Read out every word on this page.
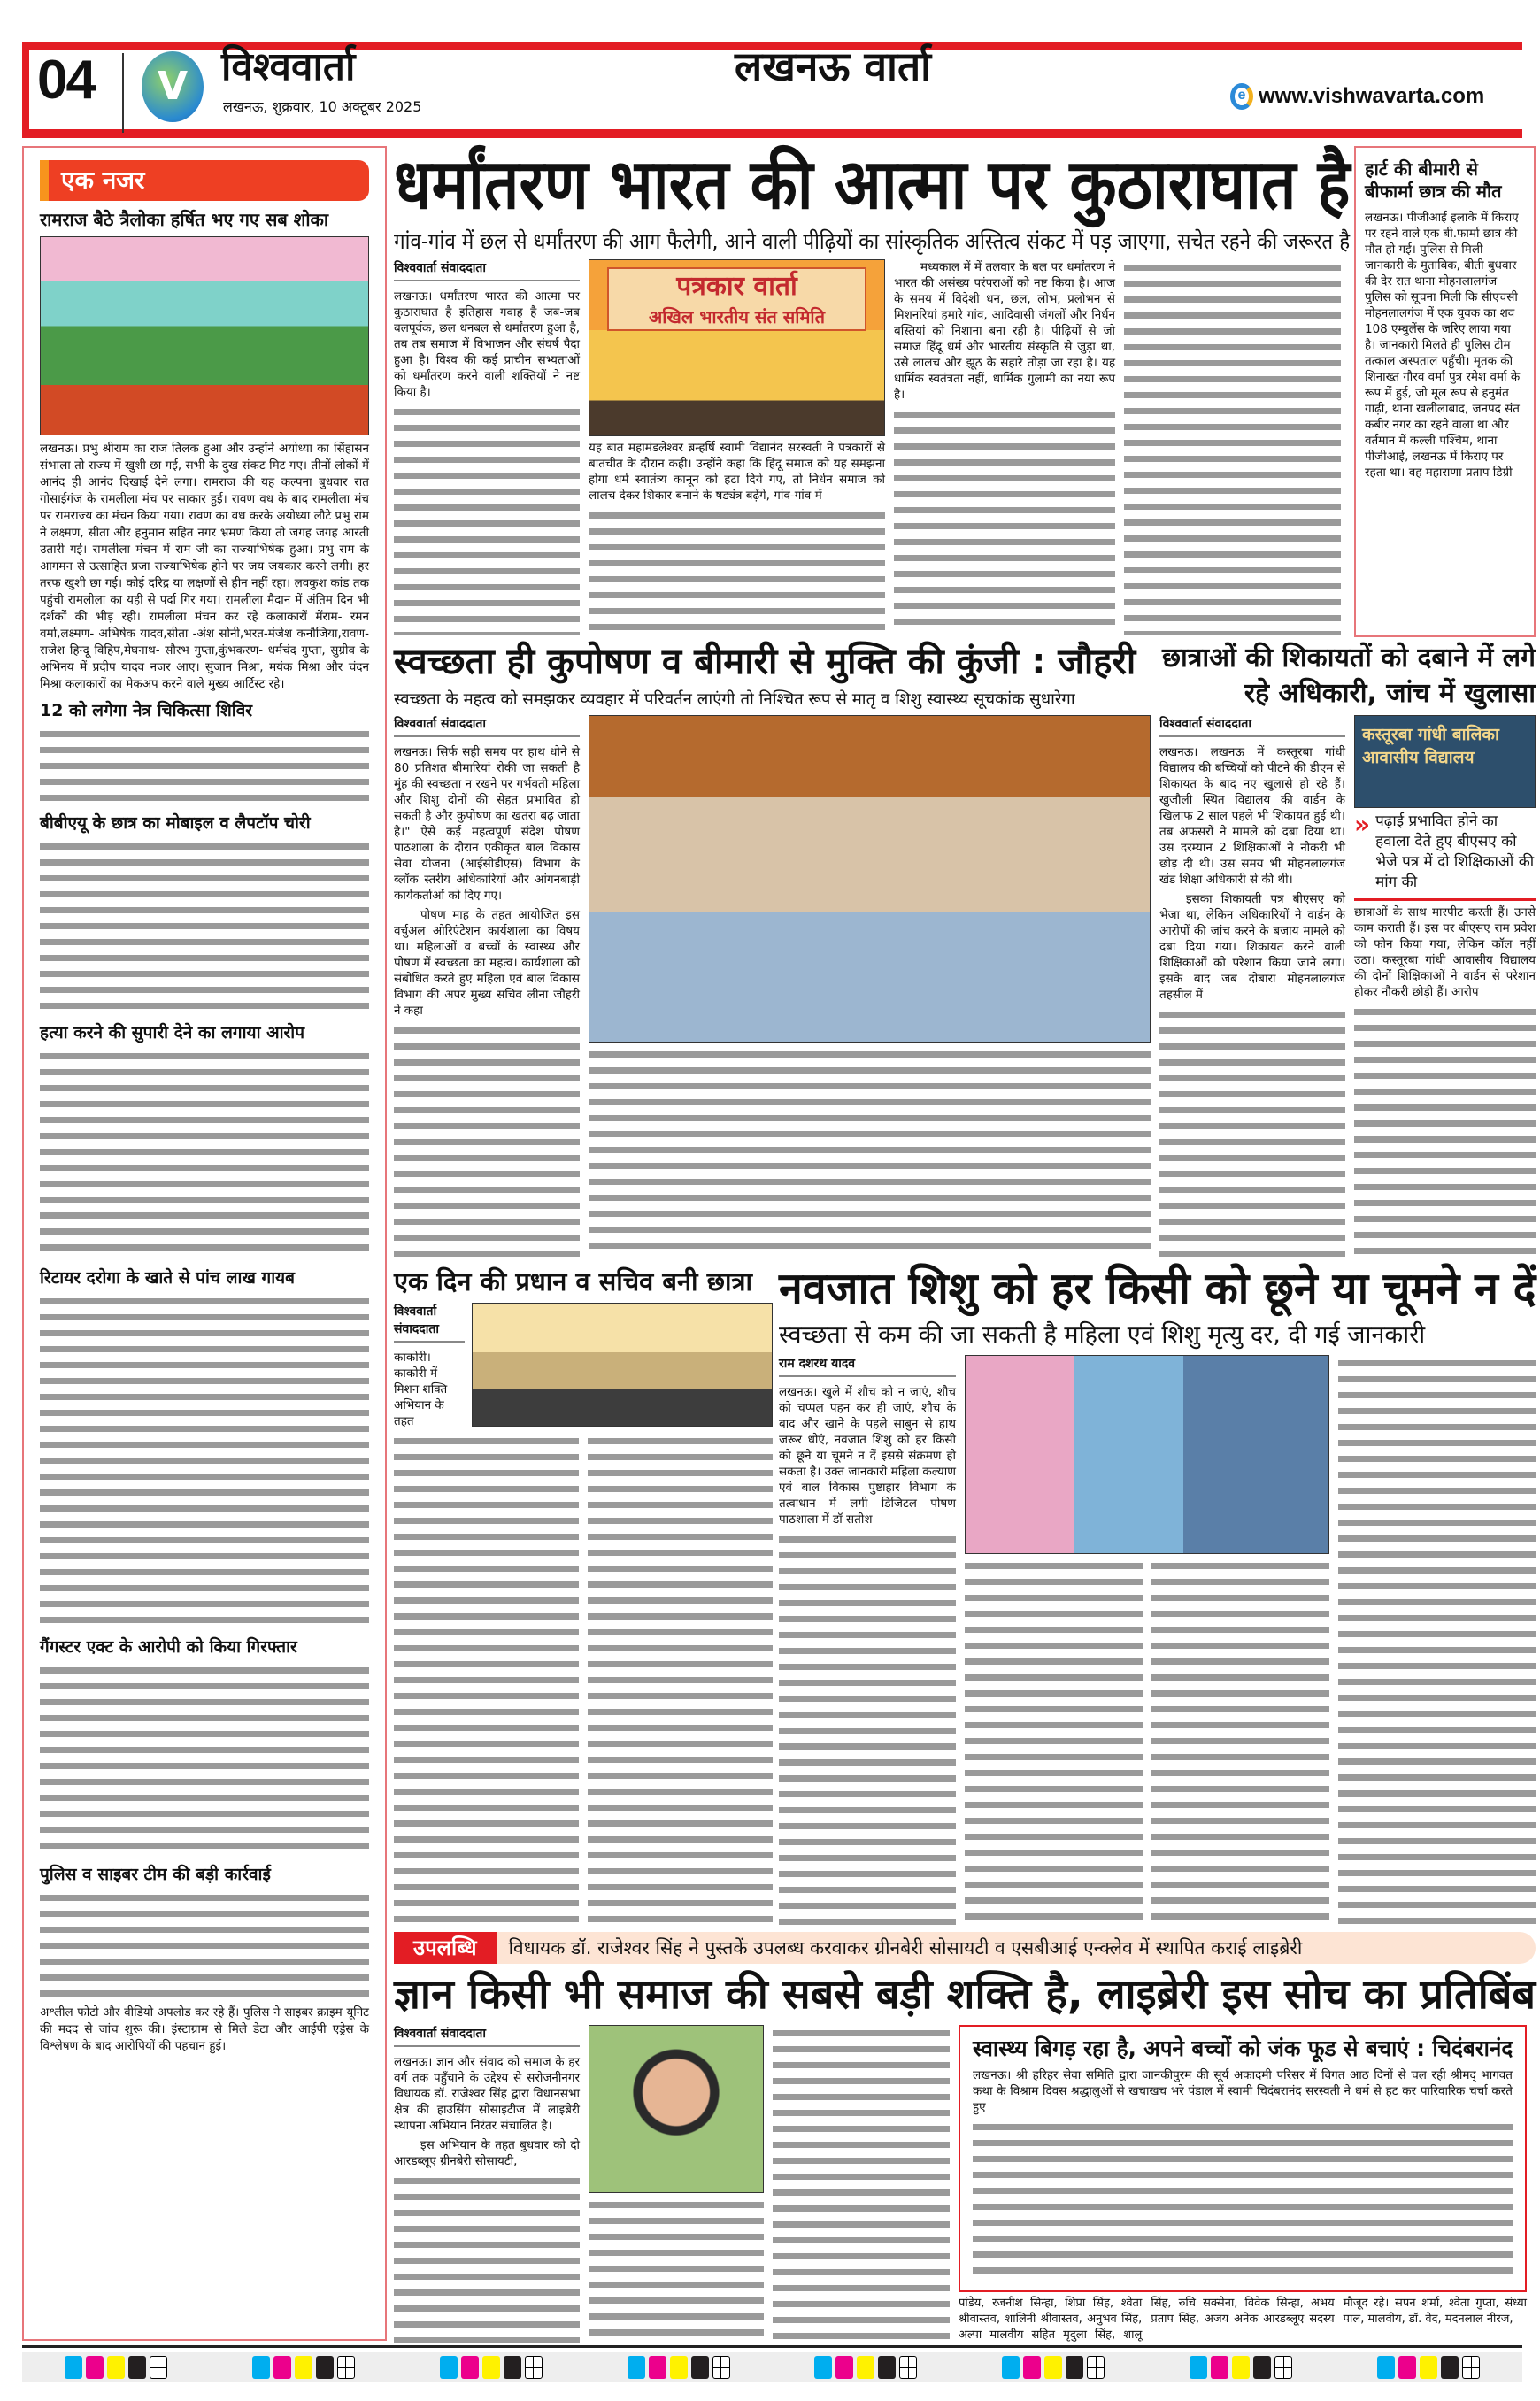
04	V विश्ववार्ता
लखनऊ, शुक्रवार, 10 अक्टूबर 2025
लखनऊ वार्ता
e www.vishwavarta.com
एक नजर
रामराज बैठे त्रैलोका हर्षित भए गए सब शोका
लखनऊ। प्रभु श्रीराम का राज तिलक हुआ और उन्होंने अयोध्या का सिंहासन संभाला तो राज्य में खुशी छा गई, सभी के दुख संकट मिट गए। तीनों लोकों में आनंद ही आनंद दिखाई देने लगा। रामराज की यह कल्पना बुधवार रात गोसाईगंज के रामलीला मंच पर साकार हुई। रावण वध के बाद रामलीला मंच पर रामराज्य का मंचन किया गया। रावण का वध करके अयोध्या लौटे प्रभु राम ने लक्ष्मण, सीता और हनुमान सहित नगर भ्रमण किया तो जगह जगह आरती उतारी गई। रामलीला मंचन में राम जी का राज्याभिषेक हुआ। प्रभु राम के आगमन से उत्साहित प्रजा राज्याभिषेक होने पर जय जयकार करने लगी। हर तरफ खुशी छा गई। कोई दरिद्र या लक्षणों से हीन नहीं रहा। लवकुश कांड तक पहुंची रामलीला का यही से पर्दा गिर गया। रामलीला मैदान में अंतिम दिन भी दर्शकों की भीड़ रही। रामलीला मंचन कर रहे कलाकारों मेंराम- रमन वर्मा,लक्ष्मण- अभिषेक यादव,सीता -अंश सोनी,भरत-मंजेश कनौजिया,रावण- राजेश हिन्दू विहिप,मेघनाथ- सौरभ गुप्ता,कुंभकरण- धर्मचंद गुप्ता, सुग्रीव के अभिनय में प्रदीप यादव नजर आए। सुजान मिश्रा, मयंक मिश्रा और चंदन मिश्रा कलाकारों का मेकअप करने वाले मुख्य आर्टिस्ट रहे।
12 को लगेगा नेत्र चिकित्सा शिविर
बीबीएयू के छात्र का मोबाइल व लैपटॉप चोरी
हत्या करने की सुपारी देने का लगाया आरोप
रिटायर दरोगा के खाते से पांच लाख गायब
गैंगस्टर एक्ट के आरोपी को किया गिरफ्तार
पुलिस व साइबर टीम की बड़ी कार्रवाई
अश्लील फोटो और वीडियो अपलोड कर रहे हैं। पुलिस ने साइबर क्राइम यूनिट की मदद से जांच शुरू की। इंस्टाग्राम से मिले डेटा और आईपी एड्रेस के विश्लेषण के बाद आरोपियों की पहचान हुई।
धर्मांतरण भारत की आत्मा पर कुठाराघात है
गांव-गांव में छल से धर्मांतरण की आग फैलेगी, आने वाली पीढ़ियों का सांस्कृतिक अस्तित्व संकट में पड़ जाएगा, सचेत रहने की जरूरत है
विश्ववार्ता संवाददाता
लखनऊ। धर्मांतरण भारत की आत्मा पर कुठाराघात है इतिहास गवाह है जब-जब बलपूर्वक, छल धनबल से धर्मांतरण हुआ है, तब तब समाज में विभाजन और संघर्ष पैदा हुआ है। विश्व की कई प्राचीन सभ्यताओं को धर्मांतरण करने वाली शक्तियों ने नष्ट किया है।
पत्रकार वार्ता
अखिल भारतीय संत समिति
यह बात महामंडलेश्वर ब्रम्हर्षि स्वामी विद्यानंद सरस्वती ने पत्रकारों से बातचीत के दौरान कही। उन्होंने कहा कि हिंदू समाज को यह समझना होगा धर्म स्वातंत्र्य कानून को हटा दिये गए, तो निर्धन समाज को लालच देकर शिकार बनाने के षड्यंत्र बढ़ेंगे, गांव-गांव में
मध्यकाल में में तलवार के बल पर धर्मांतरण ने भारत की असंख्य परंपराओं को नष्ट किया है। आज के समय में विदेशी धन, छल, लोभ, प्रलोभन से मिशनरियां हमारे गांव, आदिवासी जंगलों और निर्धन बस्तियां को निशाना बना रही है। पीढ़ियों से जो समाज हिंदू धर्म और भारतीय संस्कृति से जुड़ा था, उसे लालच और झूठ के सहारे तोड़ा जा रहा है। यह धार्मिक स्वतंत्रता नहीं, धार्मिक गुलामी का नया रूप है।
हार्ट की बीमारी से बीफार्मा छात्र की मौत
लखनऊ। पीजीआई इलाके में किराए पर रहने वाले एक बी.फार्मा छात्र की मौत हो गई। पुलिस से मिली जानकारी के मुताबिक, बीती बुधवार की देर रात थाना मोहनलालगंज पुलिस को सूचना मिली कि सीएचसी मोहनलालगंज में एक युवक का शव 108 एम्बुलेंस के जरिए लाया गया है। जानकारी मिलते ही पुलिस टीम तत्काल अस्पताल पहुँची। मृतक की शिनाख्त गौरव वर्मा पुत्र रमेश वर्मा के रूप में हुई, जो मूल रूप से हनुमंत गाढ़ी, थाना खलीलाबाद, जनपद संत कबीर नगर का रहने वाला था और वर्तमान में कल्ली पश्चिम, थाना पीजीआई, लखनऊ में किराए पर रहता था। वह महाराणा प्रताप डिग्री
स्वच्छता ही कुपोषण व बीमारी से मुक्ति की कुंजी : जौहरी
स्वच्छता के महत्व को समझकर व्यवहार में परिवर्तन लाएंगी तो निश्चित रूप से मातृ व शिशु स्वास्थ्य सूचकांक सुधारेगा
विश्ववार्ता संवाददाता
लखनऊ। सिर्फ सही समय पर हाथ धोने से 80 प्रतिशत बीमारियां रोकी जा सकती है मुंह की स्वच्छता न रखने पर गर्भवती महिला और शिशु दोनों की सेहत प्रभावित हो सकती है और कुपोषण का खतरा बढ़ जाता है।" ऐसे कई महत्वपूर्ण संदेश पोषण पाठशाला के दौरान एकीकृत बाल विकास सेवा योजना (आईसीडीएस) विभाग के ब्लॉक स्तरीय अधिकारियों और आंगनबाड़ी कार्यकर्ताओं को दिए गए।
पोषण माह के तहत आयोजित इस वर्चुअल ओरिएंटेशन कार्यशाला का विषय था। महिलाओं व बच्चों के स्वास्थ्य और पोषण में स्वच्छता का महत्व। कार्यशाला को संबोधित करते हुए महिला एवं बाल विकास विभाग की अपर मुख्य सचिव लीना जौहरी ने कहा
छात्राओं की शिकायतों को दबाने में लगे रहे अधिकारी, जांच में खुलासा
विश्ववार्ता संवाददाता
लखनऊ। लखनऊ में कस्तूरबा गांधी विद्यालय की बच्चियों को पीटने की डीएम से शिकायत के बाद नए खुलासे हो रहे हैं। खुजौली स्थित विद्यालय की वार्डन के खिलाफ 2 साल पहले भी शिकायत हुई थी। तब अफसरों ने मामले को दबा दिया था। उस दरम्यान 2 शिक्षिकाओं ने नौकरी भी छोड़ दी थी। उस समय भी मोहनलालगंज खंड शिक्षा अधिकारी से की थी।
इसका शिकायती पत्र बीएसए को भेजा था, लेकिन अधिकारियों ने वार्डन के आरोपों की जांच करने के बजाय मामले को दबा दिया गया। शिकायत करने वाली शिक्षिकाओं को परेशान किया जाने लगा। इसके बाद जब दोबारा मोहनलालगंज तहसील में
कस्तूरबा गांधी बालिका आवासीय विद्यालय
» पढ़ाई प्रभावित होने का हवाला देते हुए बीएसए को भेजे पत्र में दो शिक्षिकाओं की मांग की
छात्राओं के साथ मारपीट करती हैं। उनसे काम कराती हैं। इस पर बीएसए राम प्रवेश को फोन किया गया, लेकिन कॉल नहीं उठा। कस्तूरबा गांधी आवासीय विद्यालय की दोनों शिक्षिकाओं ने वार्डन से परेशान होकर नौकरी छोड़ी हैं। आरोप
एक दिन की प्रधान व सचिव बनी छात्रा
विश्ववार्ता संवाददाता
काकोरी। काकोरी में मिशन शक्ति अभियान के तहत
नवजात शिशु को हर किसी को छूने या चूमने न दें
स्वच्छता से कम की जा सकती है महिला एवं शिशु मृत्यु दर, दी गई जानकारी
राम दशरथ यादव
लखनऊ। खुले में शौच को न जाएं, शौच को चप्पल पहन कर ही जाएं, शौच के बाद और खाने के पहले साबुन से हाथ जरूर धोएं, नवजात शिशु को हर किसी को छूने या चूमने न दें इससे संक्रमण हो सकता है। उक्त जानकारी महिला कल्याण एवं बाल विकास पुष्टाहार विभाग के तत्वाधान में लगी डिजिटल पोषण पाठशाला में डॉ सतीश
उपलब्धि	विधायक डॉ. राजेश्वर सिंह ने पुस्तकें उपलब्ध करवाकर ग्रीनबेरी सोसायटी व एसबीआई एन्क्लेव में स्थापित कराई लाइब्रेरी
ज्ञान किसी भी समाज की सबसे बड़ी शक्ति है, लाइब्रेरी इस सोच का प्रतिबिंब
विश्ववार्ता संवाददाता
लखनऊ। ज्ञान और संवाद को समाज के हर वर्ग तक पहुँचाने के उद्देश्य से सरोजनीनगर विधायक डॉ. राजेश्वर सिंह द्वारा विधानसभा क्षेत्र की हाउसिंग सोसाइटीज में लाइब्रेरी स्थापना अभियान निरंतर संचालित है।
इस अभियान के तहत बुधवार को दो आरडब्लूए ग्रीनबेरी सोसायटी,
स्वास्थ्य बिगड़ रहा है, अपने बच्चों को जंक फूड से बचाएं : चिदंबरानंद
लखनऊ। श्री हरिहर सेवा समिति द्वारा जानकीपुरम की सूर्य अकादमी परिसर में विगत आठ दिनों से चल रही श्रीमद् भागवत कथा के विश्राम दिवस श्रद्धालुओं से खचाखच भरे पंडाल में स्वामी चिदंबरानंद सरस्वती ने धर्म से हट कर पारिवारिक चर्चा करते हुए
पांडेय, रजनीश सिन्हा, शिप्रा सिंह, श्वेता श्रीवास्तव, शालिनी श्रीवास्तव, अनुभव सिंह, अल्पा मालवीय सहित मृदुला सिंह, शालू सिंह, रुचि सक्सेना, विवेक सिन्हा, अभय प्रताप सिंह, अजय अनेक आरडब्लूए सदस्य मौजूद रहे। सपन शर्मा, श्वेता गुप्ता, संध्या पाल, मालवीय, डॉ. वेद, मदनलाल नीरज,
